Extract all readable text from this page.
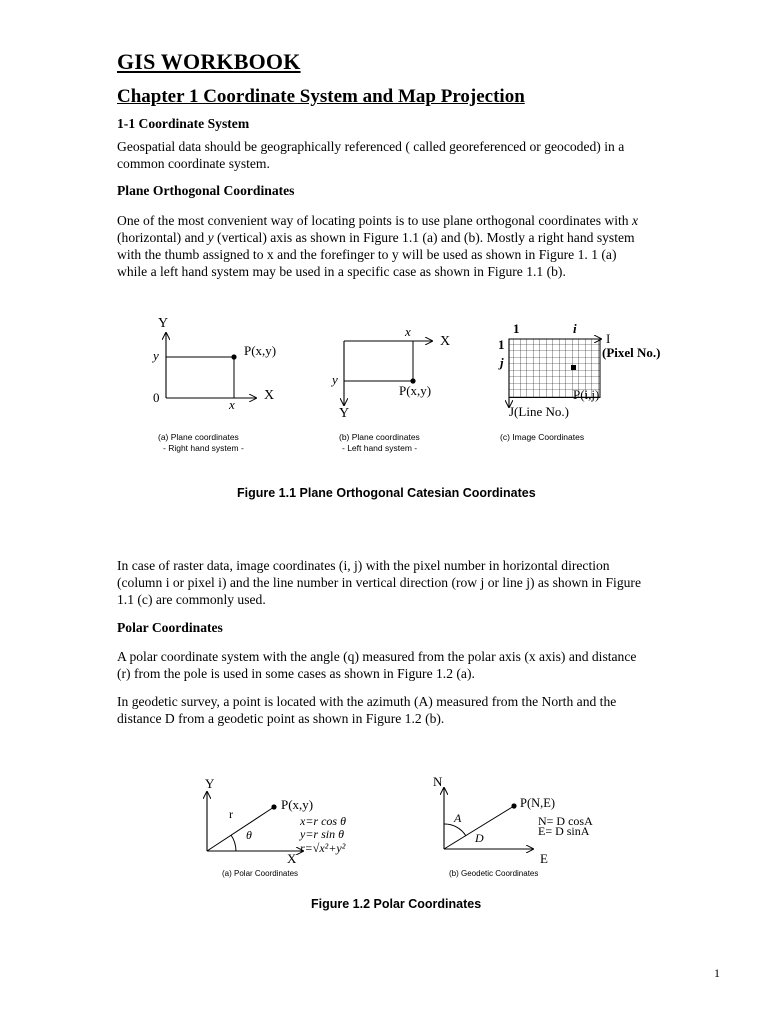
GIS WORKBOOK
Chapter 1 Coordinate System and Map Projection
1-1 Coordinate System
Geospatial data should be geographically referenced ( called georeferenced or geocoded) in a
common coordinate system.
Plane Orthogonal Coordinates
One of the most convenient way of locating points is to use plane orthogonal coordinates with x
(horizontal) and y (vertical) axis as shown in Figure 1.1 (a) and (b). Mostly a right hand system
with the thumb assigned to x and the forefinger to y will be used as shown in Figure 1. 1 (a)
while a left hand system may be used in a specific case as shown in Figure 1.1 (b).
Y
X
0
y
x
P(x,y)
(a) Plane coordinates
- Right hand system -
X
Y
x
y
P(x,y)
(b) Plane coordinates
- Left hand system -
1	i
1
j
I
(Pixel No.)
P(i,j)
J(Line No.)
(c) Image Coordinates
Figure 1.1 Plane Orthogonal Catesian Coordinates
In case of raster data, image coordinates (i, j) with the pixel number in horizontal direction
(column i or pixel i) and the line number in vertical direction (row j or line j) as shown in Figure
1.1 (c) are commonly used.
Polar Coordinates
A polar coordinate system with the angle (q) measured from the polar axis (x axis) and distance
(r) from the pole is used in some cases as shown in Figure 1.2 (a).
In geodetic survey, a point is located with the azimuth (A) measured from the North and the
distance D from a geodetic point as shown in Figure 1.2 (b).
Y
X
r
θ
P(x,y)
x=r cos θ
y=r sin θ
r=√x²+y²
(a) Polar Coordinates
N
E
A
D
P(N,E)
N= D cosA
E= D sinA
(b) Geodetic Coordinates
Figure 1.2 Polar Coordinates
1
